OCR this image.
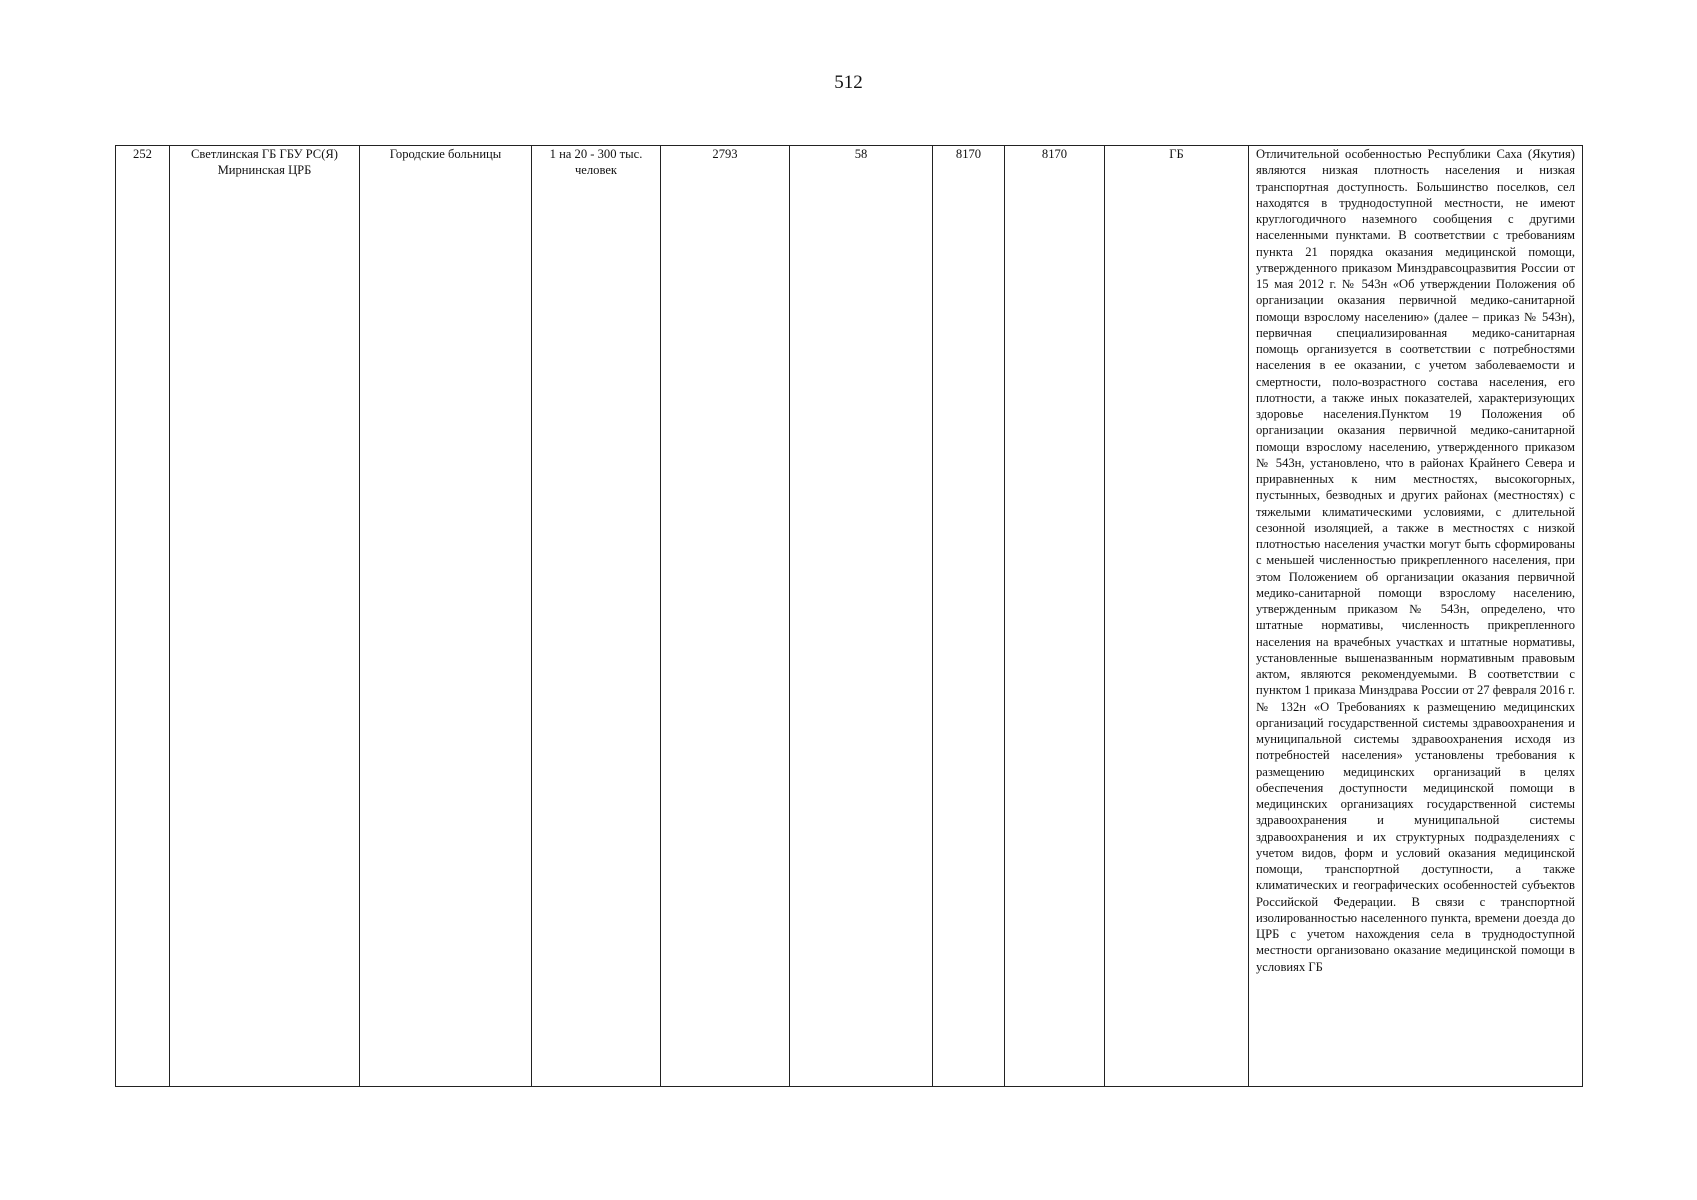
512
252	Светлинская ГБ ГБУ РС(Я) Мирнинская ЦРБ	Городские больницы	1 на 20 - 300 тыс. человек	2793	58	8170	8170	ГБ	Отличительной особенностью Республики Саха (Якутия) являются низкая плотность населения и низкая транспортная доступность. Большинство поселков, сел находятся в труднодоступной местности, не имеют круглогодичного наземного сообщения с другими населенными пунктами. В соответствии с требованиям пункта 21 порядка оказания медицинской помощи, утвержденного приказом Минздравсоцразвития России от 15 мая 2012 г. № 543н «Об утверждении Положения об организации оказания первичной медико-санитарной помощи взрослому населению» (далее – приказ № 543н), первичная специализированная медико-санитарная помощь организуется в соответствии с потребностями населения в ее оказании, с учетом заболеваемости и смертности, поло-возрастного состава населения, его плотности, а также иных показателей, характеризующих здоровье населения.Пунктом 19 Положения об организации оказания первичной медико-санитарной помощи взрослому населению, утвержденного приказом № 543н, установлено, что в районах Крайнего Севера и приравненных к ним местностях, высокогорных, пустынных, безводных и других районах (местностях) с тяжелыми климатическими условиями, с длительной сезонной изоляцией, а также в местностях с низкой плотностью населения участки могут быть сформированы с меньшей численностью прикрепленного населения, при этом Положением об организации оказания первичной медико-санитарной помощи взрослому населению, утвержденным приказом № 543н, определено, что штатные нормативы, численность прикрепленного населения на врачебных участках и штатные нормативы, установленные вышеназванным нормативным правовым актом, являются рекомендуемыми. В соответствии с пунктом 1 приказа Минздрава России от 27 февраля 2016 г. № 132н «О Требованиях к размещению медицинских организаций государственной системы здравоохранения и муниципальной системы здравоохранения исходя из потребностей населения» установлены требования к размещению медицинских организаций в целях обеспечения доступности медицинской помощи в медицинских организациях государственной системы здравоохранения и муниципальной системы здравоохранения и их структурных подразделениях с учетом видов, форм и условий оказания медицинской помощи, транспортной доступности, а также климатических и географических особенностей субъектов Российской Федерации. В связи с транспортной изолированностью населенного пункта, времени доезда до ЦРБ с учетом нахождения села в труднодоступной местности организовано оказание медицинской помощи в условиях ГБ
